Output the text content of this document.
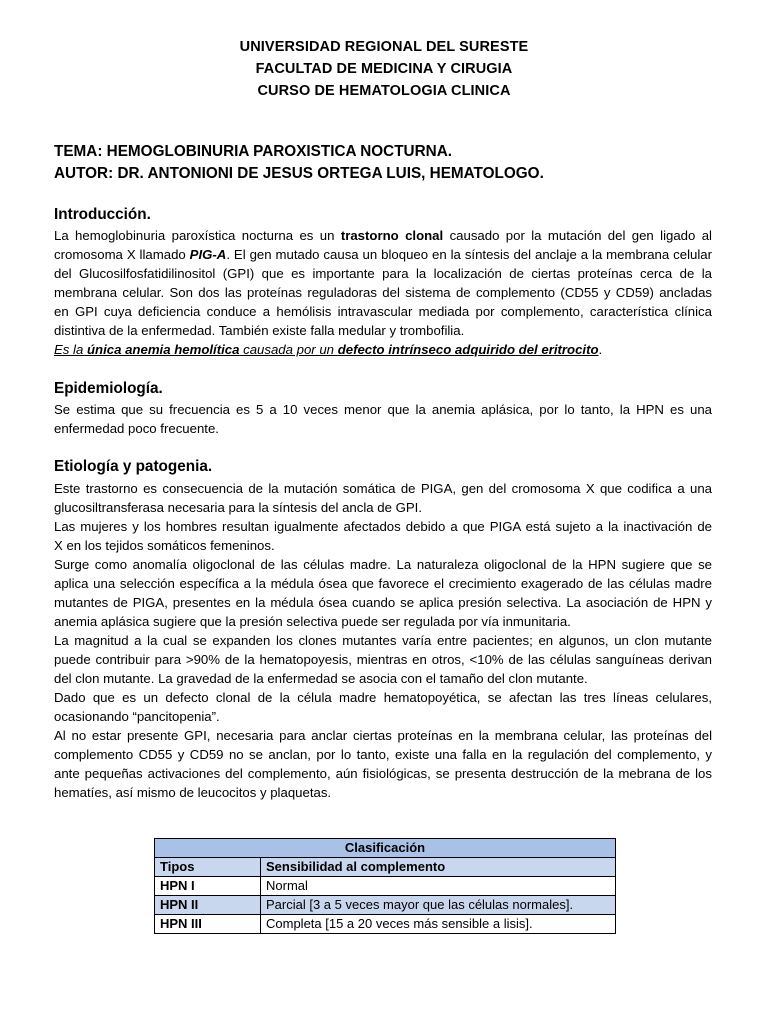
UNIVERSIDAD REGIONAL DEL SURESTE
FACULTAD DE MEDICINA Y CIRUGIA
CURSO DE HEMATOLOGIA CLINICA
TEMA: HEMOGLOBINURIA PAROXISTICA NOCTURNA.
AUTOR: DR. ANTONIONI DE JESUS ORTEGA LUIS, HEMATOLOGO.
Introducción.
La hemoglobinuria paroxística nocturna es un trastorno clonal causado por la mutación del gen ligado al
cromosoma X llamado PIG-A. El gen mutado causa un bloqueo en la síntesis del anclaje a la membrana celular
del Glucosilfosfatidilinositol (GPI) que es importante para la localización de ciertas proteínas cerca de la
membrana celular. Son dos las proteínas reguladoras del sistema de complemento (CD55 y CD59) ancladas
en GPI cuya deficiencia conduce a hemólisis intravascular mediada por complemento, característica clínica
distintiva de la enfermedad. También existe falla medular y trombofilia.
Es la única anemia hemolítica causada por un defecto intrínseco adquirido del eritrocito.
Epidemiología.
Se estima que su frecuencia es 5 a 10 veces menor que la anemia aplásica, por lo tanto, la HPN es una
enfermedad poco frecuente.
Etiología y patogenia.
Este trastorno es consecuencia de la mutación somática de PIGA, gen del cromosoma X que codifica a una
glucosiltransferasa necesaria para la síntesis del ancla de GPI.
Las mujeres y los hombres resultan igualmente afectados debido a que PIGA está sujeto a la inactivación de
X en los tejidos somáticos femeninos.
Surge como anomalía oligoclonal de las células madre. La naturaleza oligoclonal de la HPN sugiere que se
aplica una selección específica a la médula ósea que favorece el crecimiento exagerado de las células madre
mutantes de PIGA, presentes en la médula ósea cuando se aplica presión selectiva. La asociación de HPN y
anemia aplásica sugiere que la presión selectiva puede ser regulada por vía inmunitaria.
La magnitud a la cual se expanden los clones mutantes varía entre pacientes; en algunos, un clon mutante
puede contribuir para >90% de la hematopoyesis, mientras en otros, <10% de las células sanguíneas derivan
del clon mutante. La gravedad de la enfermedad se asocia con el tamaño del clon mutante.
Dado que es un defecto clonal de la célula madre hematopoyética, se afectan las tres líneas celulares,
ocasionando “pancitopenia”.
Al no estar presente GPI, necesaria para anclar ciertas proteínas en la membrana celular, las proteínas del
complemento CD55 y CD59 no se anclan, por lo tanto, existe una falla en la regulación del complemento, y
ante pequeñas activaciones del complemento, aún fisiológicas, se presenta destrucción de la mebrana de los
hematíes, así mismo de leucocitos y plaquetas.
Clasificación	
Tipos	Sensibilidad al complemento
HPN I	Normal
HPN II	Parcial [3 a 5 veces mayor que las células normales].
HPN III	Completa [15 a 20 veces más sensible a lisis].
